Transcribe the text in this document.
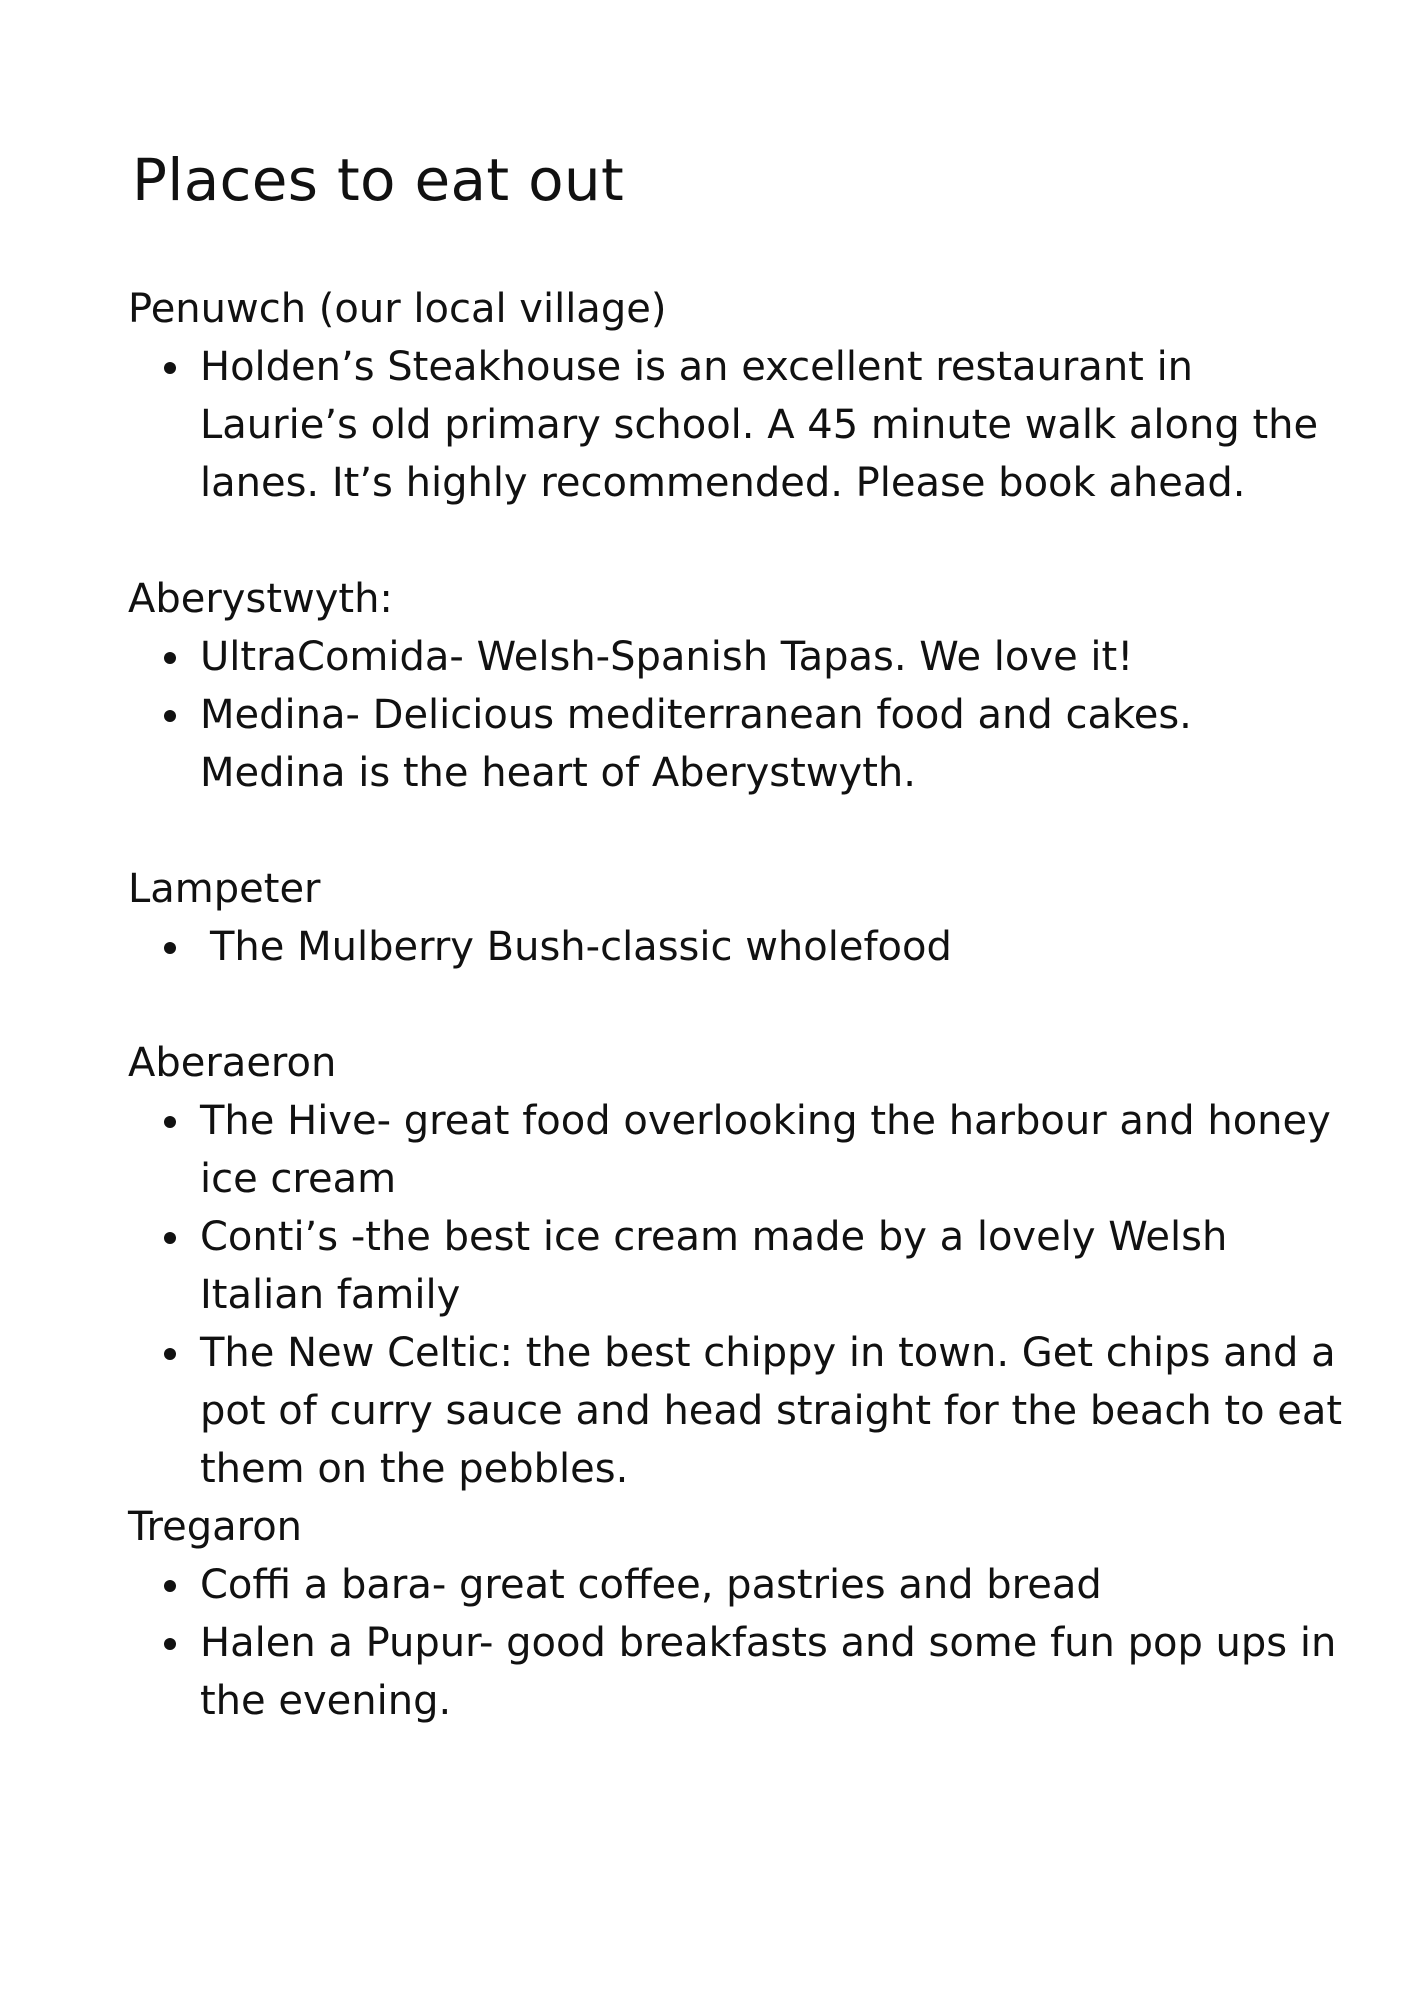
Places to eat out

Penuwch (our local village)

Holden’s Steakhouse is an excellent restaurant in Laurie’s old primary school. A 45 minute walk along the lanes. It’s highly recommended. Please book ahead.

Aberystwyth:

UltraComida- Welsh-Spanish Tapas. We love it!
Medina- Delicious mediterranean food and cakes. Medina is the heart of Aberystwyth.

Lampeter

The Mulberry Bush-classic wholefood

Aberaeron

The Hive- great food overlooking the harbour and honey ice cream
Conti’s -the best ice cream made by a lovely Welsh Italian family
The New Celtic: the best chippy in town. Get chips and a pot of curry sauce and head straight for the beach to eat them on the pebbles.

Tregaron

Coffi a bara- great coffee, pastries and bread
Halen a Pupur- good breakfasts and some fun pop ups in the evening.
